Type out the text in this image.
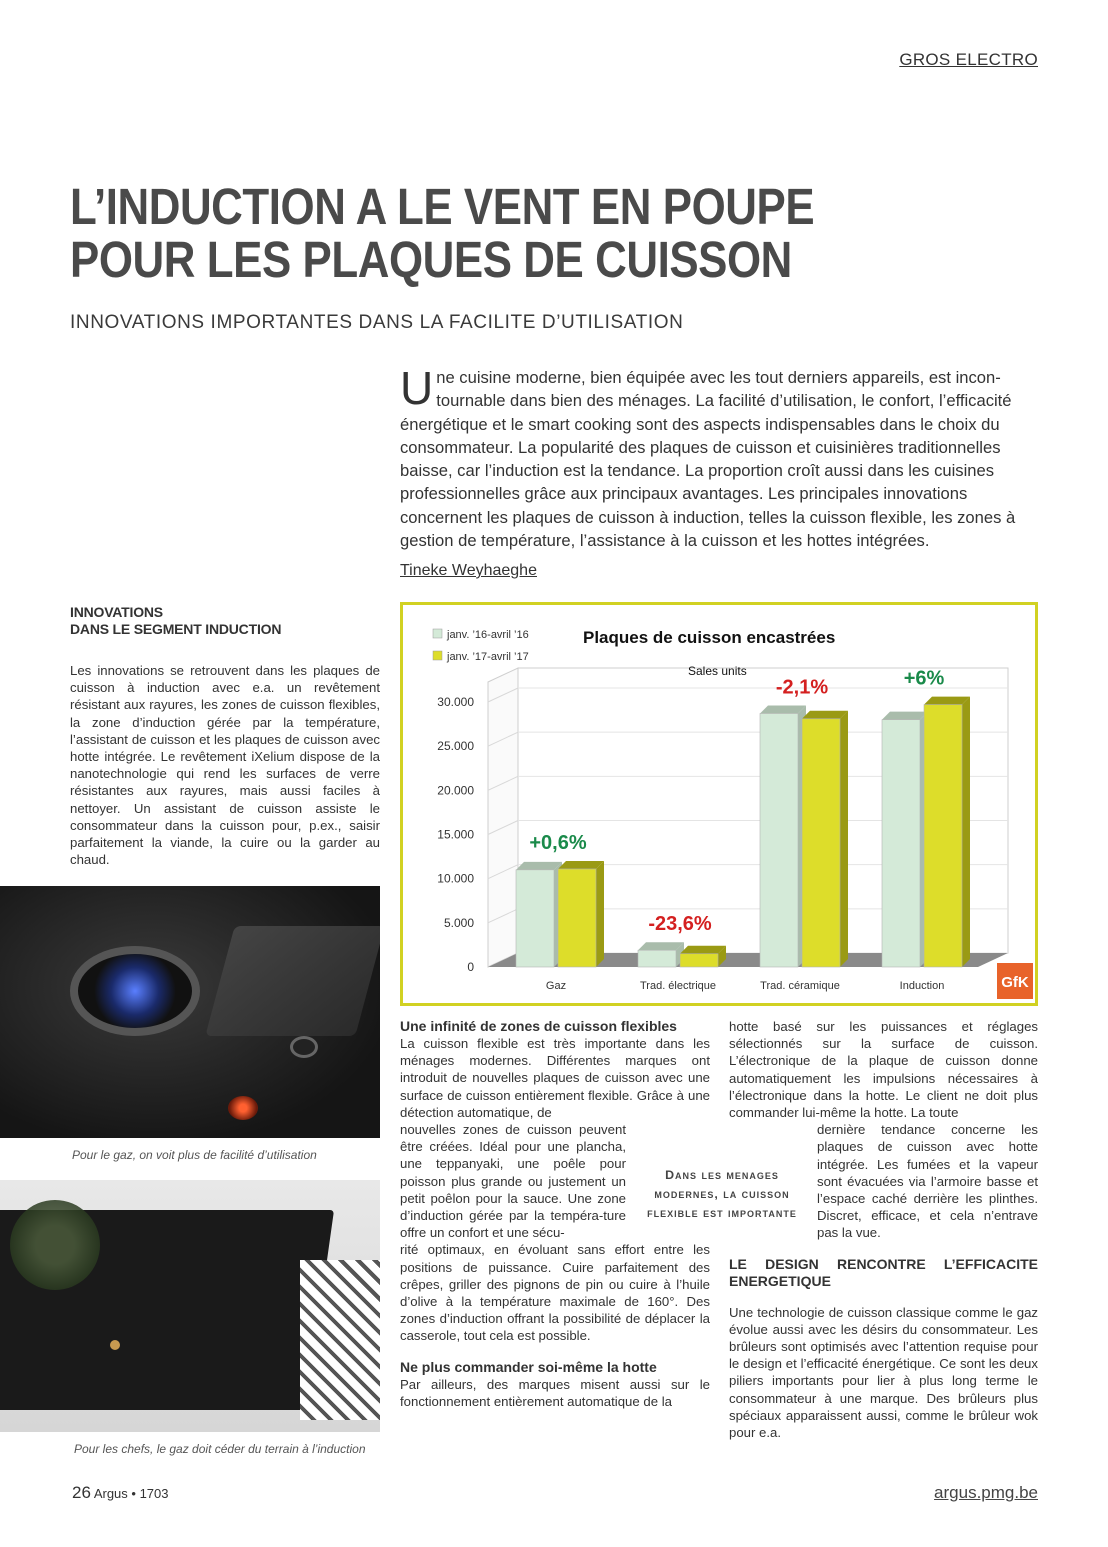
GROS ELECTRO
L’INDUCTION A LE VENT EN POUPE
POUR LES PLAQUES DE CUISSON
INNOVATIONS IMPORTANTES DANS LA FACILITE D’UTILISATION
Une cuisine moderne, bien équipée avec les tout derniers appareils, est incon-tournable dans bien des ménages. La facilité d’utilisation, le confort, l’efficacité énergétique et le smart cooking sont des aspects indispensables dans le choix du consommateur. La popularité des plaques de cuisson et cuisinières traditionnelles baisse, car l’induction est la tendance. La proportion croît aussi dans les cuisines professionnelles grâce aux principaux avantages. Les principales innovations concernent les plaques de cuisson à induction, telles la cuisson flexible, les zones à gestion de température, l’assistance à la cuisson et les hottes intégrées.
Tineke Weyhaeghe
INNOVATIONS
DANS LE SEGMENT INDUCTION

Les innovations se retrouvent dans les plaques de cuisson à induction avec e.a. un revêtement résistant aux rayures, les zones de cuisson flexibles, la zone d’induction gérée par la température, l’assistant de cuisson et les plaques de cuisson avec hotte intégrée. Le revêtement iXelium dispose de la nanotechnologie qui rend les surfaces de verre résistantes aux rayures, mais aussi faciles à nettoyer. Un assistant de cuisson assiste le consommateur dans la cuisson pour, p.ex., saisir parfaitement la viande, la cuire ou la garder au chaud.

Pour le gaz, on voit plus de facilité d’utilisation
Pour les chefs, le gaz doit céder du terrain à l’induction
0
5.000
10.000
15.000
20.000
25.000
30.000
Gaz
+0,6%
Trad. électrique
-23,6%
Trad. céramique
-2,1%
Induction
+6%
Plaques de cuisson encastrées
Sales units
janv. ’16-avril ’16
janv. ’17-avril ’17
GfK
Une infinité de zones de cuisson flexibles

La cuisson flexible est très importante dans les ménages modernes. Différentes marques ont introduit de nouvelles plaques de cuisson avec une surface de cuisson entièrement flexible. Grâce à une détection automatique, de

nouvelles zones de cuisson peuvent être créées. Idéal pour une plancha, une teppanyaki, une poêle pour poisson plus grande ou justement un petit poêlon pour la sauce. Une zone d’induction gérée par la tempéra-ture offre un confort et une sécu-

rité optimaux, en évoluant sans effort entre les positions de puissance. Cuire parfaitement des crêpes, griller des pignons de pin ou cuire à l’huile d’olive à la température maximale de 160°. Des zones d’induction offrant la possibilité de déplacer la casserole, tout cela est possible.

Ne plus commander soi-même la hotte

Par ailleurs, des marques misent aussi sur le fonctionnement entièrement automatique de la

Dans les menages modernes, la cuisson flexible est importante

hotte basé sur les puissances et réglages sélectionnés sur la surface de cuisson. L’électronique de la plaque de cuisson donne automatiquement les impulsions nécessaires à l’électronique dans la hotte. Le client ne doit plus commander lui-même la hotte. La toute

dernière tendance concerne les plaques de cuisson avec hotte intégrée. Les fumées et la vapeur sont évacuées via l’armoire basse et l’espace caché derrière les plinthes. Discret, efficace, et cela n’entrave pas la vue.

LE DESIGN RENCONTRE L’EFFICACITE ENERGETIQUE

Une technologie de cuisson classique comme le gaz évolue aussi avec les désirs du consommateur. Les brûleurs sont optimisés avec l’attention requise pour le design et l’efficacité énergétique. Ce sont les deux piliers importants pour lier à plus long terme le consommateur à une marque. Des brûleurs plus spéciaux apparaissent aussi, comme le brûleur wok pour e.a.

26 Argus • 1703	argus.pmg.be
